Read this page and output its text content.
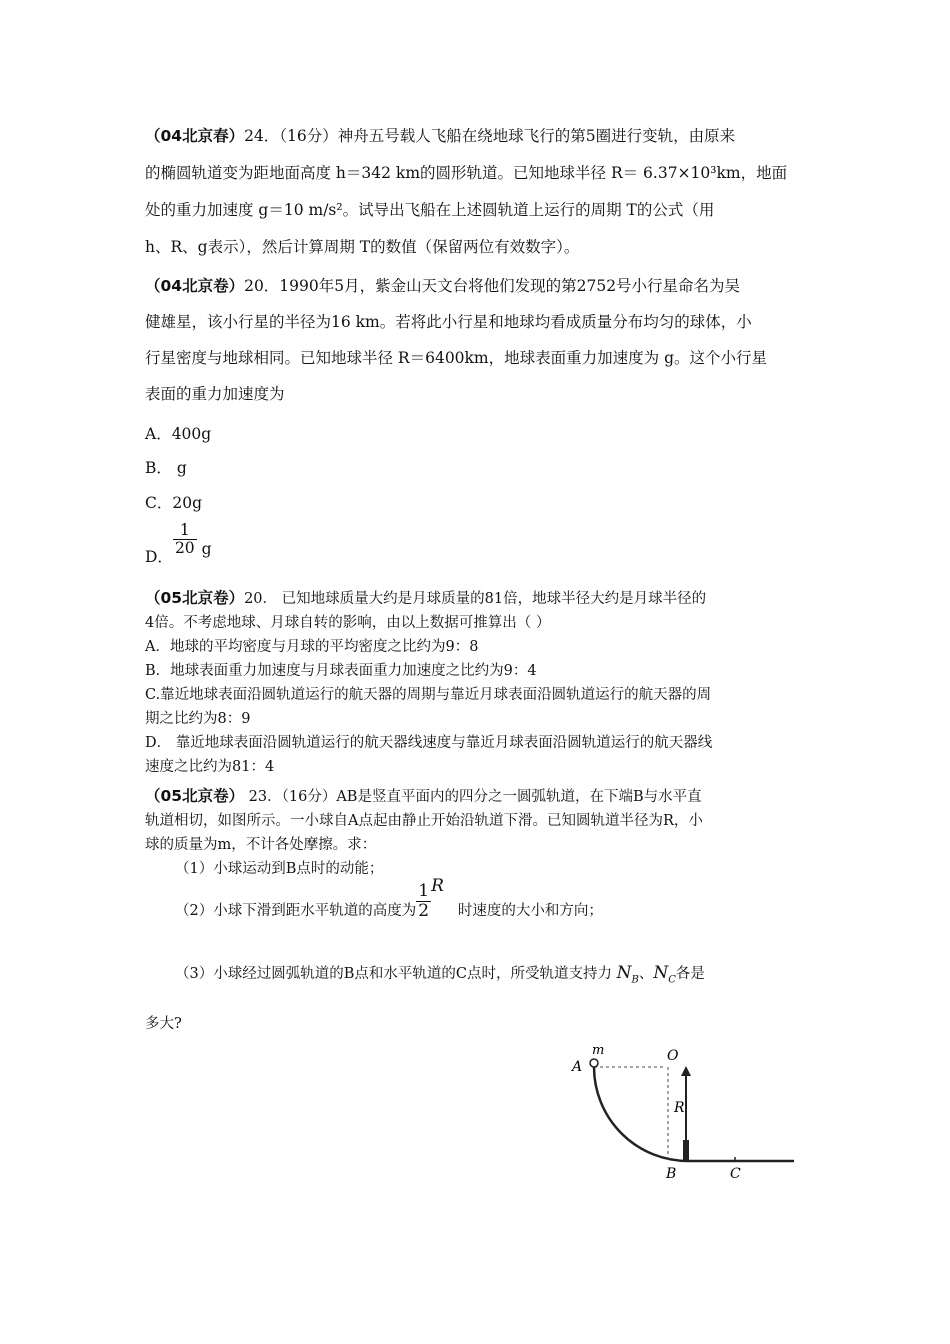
（04北京春）24．（16分）神舟五号载人飞船在绕地球飞行的第5圈进行变轨，由原来
的椭圆轨道变为距地面高度 h＝342 km的圆形轨道。已知地球半径 R＝ 6.37×10³km，地面
处的重力加速度 g＝10 m/s²。试导出飞船在上述圆轨道上运行的周期 T的公式（用
h、R、g表示），然后计算周期 T的数值（保留两位有效数字）。
（04北京卷）20．1990年5月，紫金山天文台将他们发现的第2752号小行星命名为吴
健雄星，该小行星的半径为16 km。若将此小行星和地球均看成质量分布均匀的球体，小
行星密度与地球相同。已知地球半径 R＝6400km，地球表面重力加速度为 g。这个小行星
表面的重力加速度为
A．400g
B． g
C．20g
D． $\frac{1}{20}$ g
（05北京卷）20． 已知地球质量大约是月球质量的81倍，地球半径大约是月球半径的
4倍。不考虑地球、月球自转的影响，由以上数据可推算出（ ）
A．地球的平均密度与月球的平均密度之比约为9：8
B．地球表面重力加速度与月球表面重力加速度之比约为9：4
C.靠近地球表面沿圆轨道运行的航天器的周期与靠近月球表面沿圆轨道运行的航天器的周
期之比约为8：9
D． 靠近地球表面沿圆轨道运行的航天器线速度与靠近月球表面沿圆轨道运行的航天器线
速度之比约为81：4
（05北京卷） 23．（16分）AB是竖直平面内的四分之一圆弧轨道，在下端B与水平直
轨道相切，如图所示。一小球自A点起由静止开始沿轨道下滑。已知圆轨道半径为R，小
球的质量为m，不计各处摩擦。求：
（1）小球运动到B点时的动能；
（2）小球下滑到距水平轨道的高度为 $\frac{1}{2}$ R时速度的大小和方向；
（3）小球经过圆弧轨道的B点和水平轨道的C点时，所受轨道支持力 $N_B$、$N_C$各是
多大?
m
A
O
R
B	C
